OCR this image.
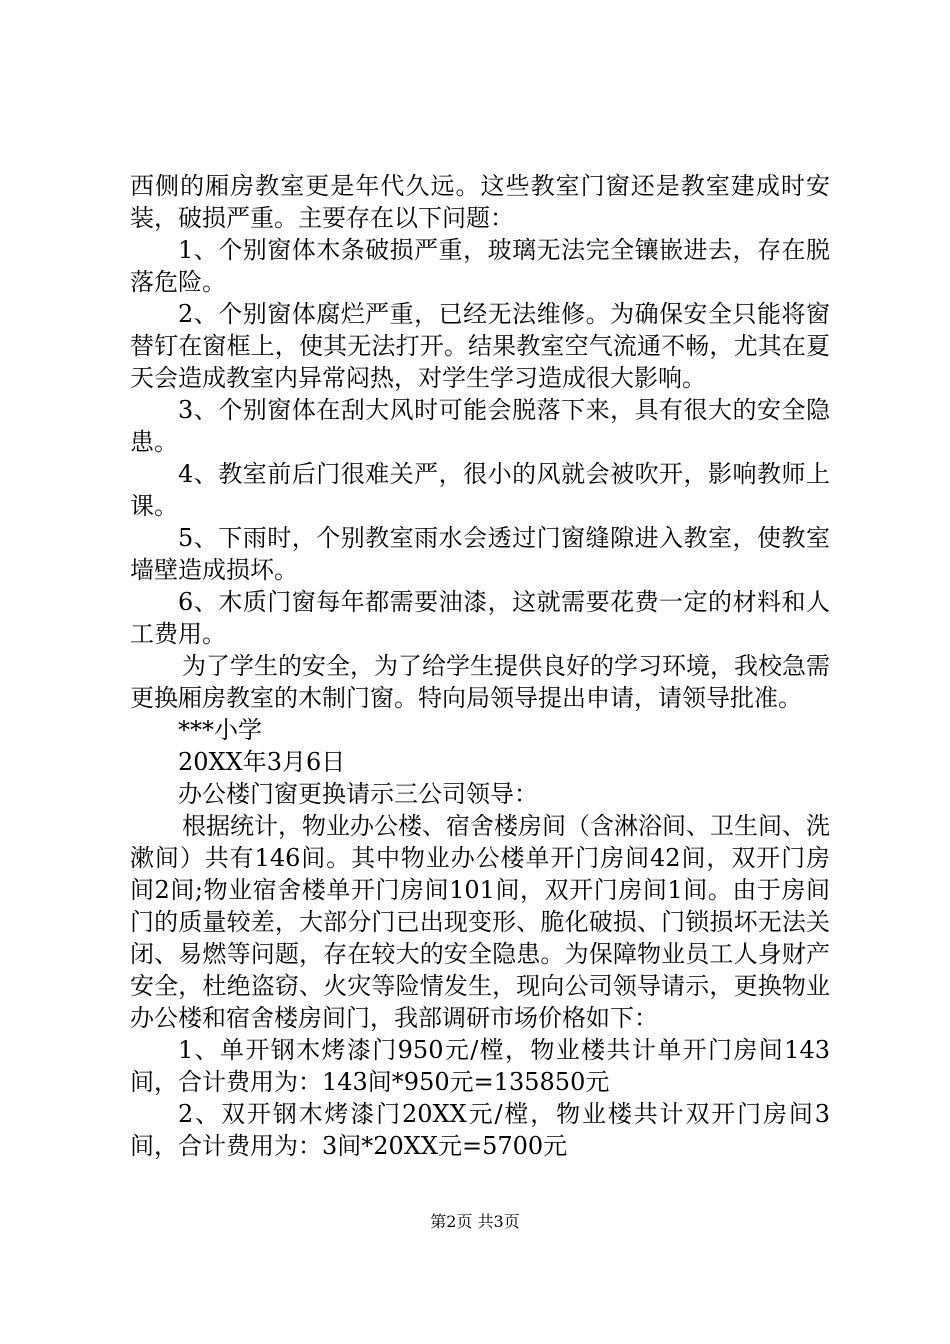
西侧的厢房教室更是年代久远。这些教室门窗还是教室建成时安装，破损严重。主要存在以下问题：

1、个别窗体木条破损严重，玻璃无法完全镶嵌进去，存在脱落危险。

2、个别窗体腐烂严重，已经无法维修。为确保安全只能将窗替钉在窗框上，使其无法打开。结果教室空气流通不畅，尤其在夏天会造成教室内异常闷热，对学生学习造成很大影响。

3、个别窗体在刮大风时可能会脱落下来，具有很大的安全隐患。

4、教室前后门很难关严，很小的风就会被吹开，影响教师上课。

5、下雨时，个别教室雨水会透过门窗缝隙进入教室，使教室墙壁造成损坏。

6、木质门窗每年都需要油漆，这就需要花费一定的材料和人工费用。

为了学生的安全，为了给学生提供良好的学习环境，我校急需更换厢房教室的木制门窗。特向局领导提出申请，请领导批准。

***小学

20XX年3月6日

办公楼门窗更换请示三公司领导：

根据统计，物业办公楼、宿舍楼房间（含淋浴间、卫生间、洗漱间）共有146间。其中物业办公楼单开门房间42间，双开门房间2间;物业宿舍楼单开门房间101间，双开门房间1间。由于房间门的质量较差，大部分门已出现变形、脆化破损、门锁损坏无法关闭、易燃等问题，存在较大的安全隐患。为保障物业员工人身财产安全，杜绝盗窃、火灾等险情发生，现向公司领导请示，更换物业办公楼和宿舍楼房间门，我部调研市场价格如下：

1、单开钢木烤漆门950元/樘，物业楼共计单开门房间143间，合计费用为：143间*950元=135850元

2、双开钢木烤漆门20XX元/樘，物业楼共计双开门房间3间，合计费用为：3间*20XX元=5700元

第2页 共3页
